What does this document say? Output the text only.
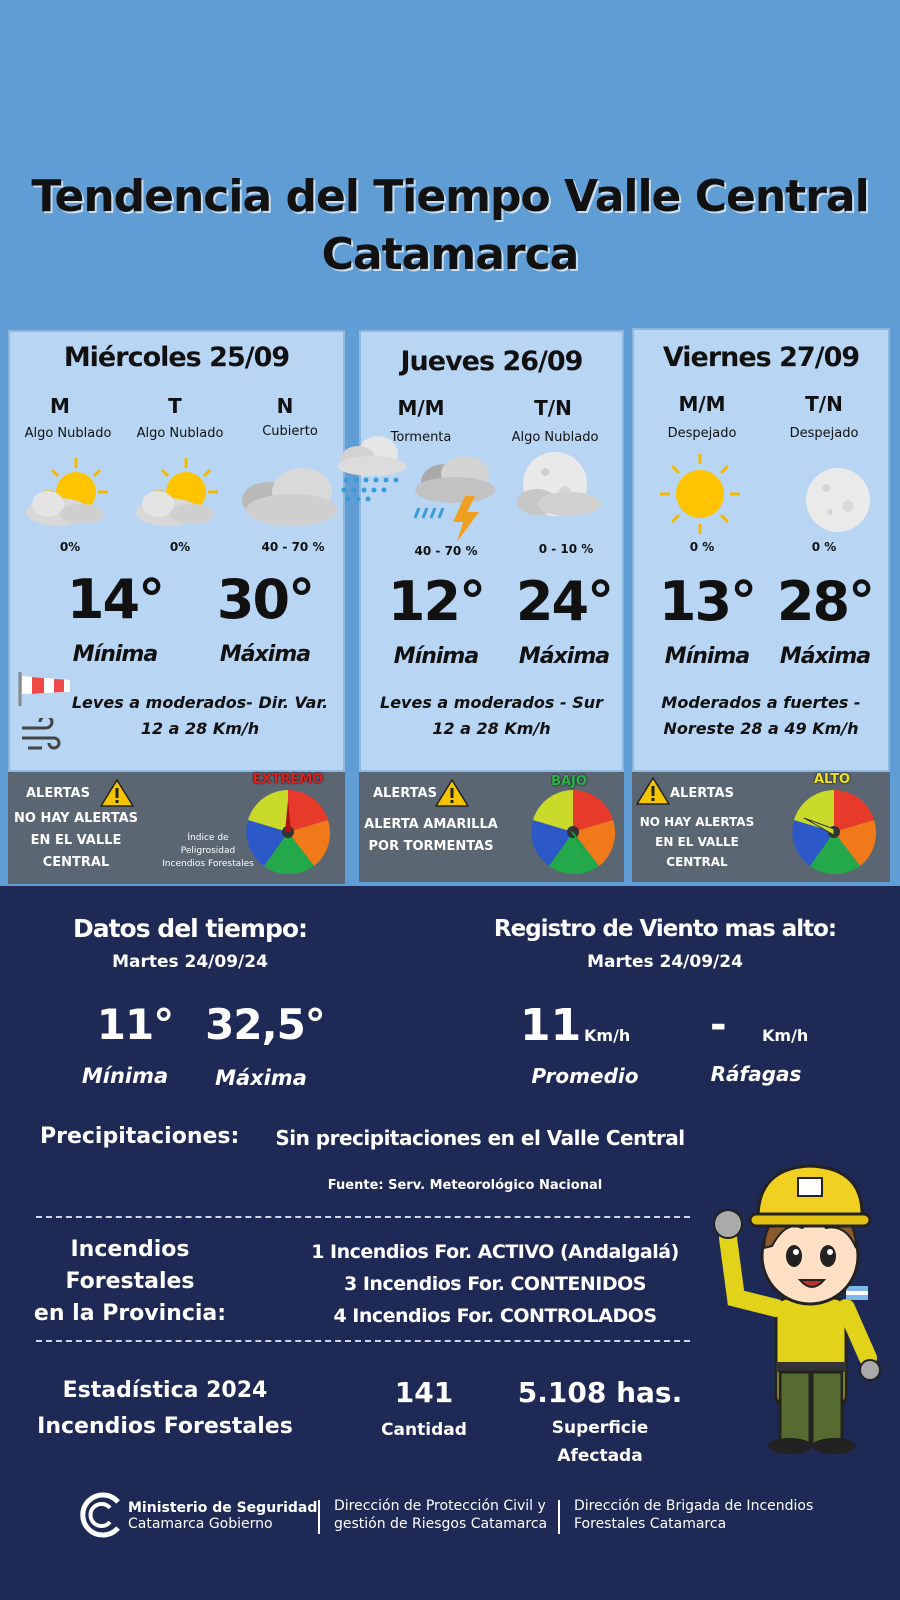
Tendencia del Tiempo Valle Central
Catamarca
Miércoles 25/09
M	T	N
Algo Nublado	Algo Nublado	Cubierto
0%	0%	40 - 70 %
14° 30°
Mínima	Máxima
Leves a moderados- Dir. Var.
12 a 28 Km/h
ALERTAS
NO HAY ALERTAS
EN EL VALLE
CENTRAL
Índice de
Peligrosidad
Incendios Forestales
EXTREMO
Jueves 26/09
M/M	T/N
Tormenta	Algo Nublado
40 - 70 %	0 - 10 %
12° 24°
Mínima	Máxima
Leves a moderados - Sur
12 a 28 Km/h
ALERTAS
ALERTA AMARILLA
POR TORMENTAS
BAJO
Viernes 27/09
M/M	T/N
Despejado	Despejado
0 %	0 %
13° 28°
Mínima	Máxima
Moderados a fuertes -
Noreste 28 a 49 Km/h
ALERTAS
NO HAY ALERTAS
EN EL VALLE
CENTRAL
ALTO
Datos del tiempo:
Martes 24/09/24
11° 32,5°
Mínima	Máxima
Registro de Viento mas alto:
Martes 24/09/24
11 Km/h	-	Km/h
Promedio	Ráfagas
Precipitaciones:	Sin precipitaciones en el Valle Central
Fuente: Serv. Meteorológico Nacional
Incendios
Forestales
en la Provincia:
1 Incendios For. ACTIVO (Andalgalá)
3 Incendios For. CONTENIDOS
4 Incendios For. CONTROLADOS
Estadística 2024
Incendios Forestales
141
Cantidad
5.108 has.
Superficie
Afectada
Ministerio de Seguridad
Catamarca Gobierno
Dirección de Protección Civil y
gestión de Riesgos Catamarca
Dirección de Brigada de Incendios
Forestales Catamarca
